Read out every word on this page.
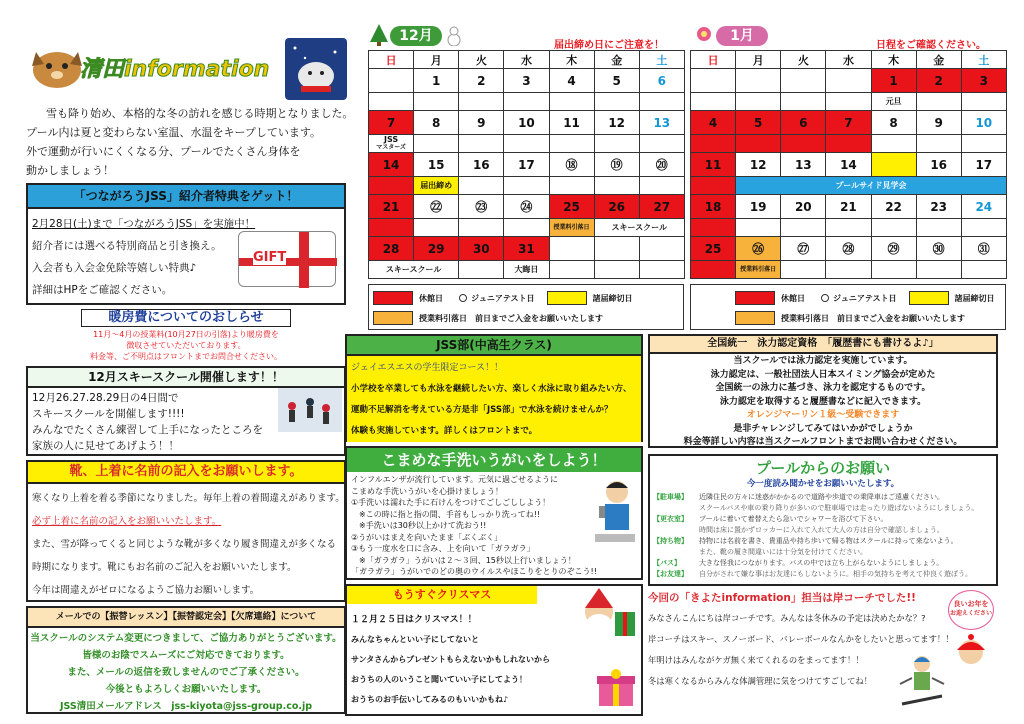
清田information
雪も降り始め、本格的な冬の訪れを感じる時期となりました。
プール内は夏と変わらない室温、水温をキープしています。
外で運動が行いにくくなる分、プールでたくさん身体を
動かしましょう！
「つながろうJSS」紹介者特典をゲット！
2月28日(土)まで「つながろうJSS」を実施中！
紹介者には選べる特別商品と引き換え。
入会者も入会金免除等嬉しい特典♪
詳細はHPをご確認ください。
GIFT
暖房費についてのおしらせ
11月～4月の授業料(10月27日の引落)より暖房費を
徴収させていただいております。
料金等、ご不明点はフロントまでお問合せください。
12月スキースクール開催します！！
12月26.27.28.29日の4日間で
スキースクールを開催します!!!!
みんなでたくさん練習して上手になったところを
家族の人に見せてあげよう！！
靴、上着に名前の記入をお願いします。
寒くなり上着を着る季節になりました。毎年上着の着間違えがあります。
必ず上着に名前の記入をお願いいたします。
また、雪が降ってくると同じような靴が多くなり履き間違えが多くなる
時期になります。靴にもお名前のご記入をお願いいたします。
今年は間違えがゼロになるようご協力お願いします。
メールでの【振替レッスン】【振替認定会】【欠席連絡】について
当スクールのシステム変更につきまして、ご協力ありがとうございます。
皆様のお陰でスムーズにご対応できております。
また、メールの返信を致しませんのでご了承ください。
今後ともよろしくお願いいたします。
JSS清田メールアドレス　jss-kiyota@jss-group.co.jp
12月
届出締め日にご注意を！
日	月	火	水	木	金	土
	1	2	3	4	5	6

7	8	9	10	11	12	13

JSS
マスターズ						

14	15	16	17	⑱	⑲	⑳
	届出締め					
21	㉒	㉓	㉔	25	26	27
				授業料引落日	スキースクール	
28	29	30	31			
スキースクール			大晦日			
休館日	ジュニアテスト日	諸届締切日
授業料引落日　前日までご入金をお願いいたします
1月
日程をご確認ください。
日	月	火	水	木	金	土
				1	2	3
				元旦		
4	5	6	7	8	9	10

11	12	13	14		16	17
	プールサイド見学会					
18	19	20	21	22	23	24

25	㉖	㉗	㉘	㉙	㉚	㉛
	授業料引落日					
休館日	ジュニアテスト日	諸届締切日
授業料引落日　前日までご入金をお願いいたします
JSS部(中高生クラス)
ジェイエスエスの学生限定コース！！
小学校を卒業しても水泳を継続したい方、楽しく水泳に取り組みたい方、
運動不足解消を考えている方是非「JSS部」で水泳を続けませんか？
体験も実施しています。詳しくはフロントまで。
こまめな手洗いうがいをしよう！
インフルエンザが流行しています。元気に過ごせるように
こまめな手洗いうがいを心掛けましょう！
①手洗いは濡れた手に石けんをつけてごしごししよう！
　※この時に指と指の間、手首もしっかり洗ってね!!
　※手洗いは30秒以上かけて洗おう!!
②うがいはまえを向いたまま「ぶくぶく」
③もう一度水を口に含み、上を向いて「ガラガラ」
　※「ガラガラ」うがいは２～３回、15秒以上行いましょう！
「ガラガラ」うがいでのどの奥のウイルスやほこりをとりのぞこう!!
もうすぐクリスマス
１２月２５日はクリスマス！！
みんなちゃんといい子にしてないと
サンタさんからプレゼントもらえないかもしれないから
おうちの人のいうこと聞いていい子にしてよう！
おうちのお手伝いしてみるのもいいかもね♪
全国統一　泳力認定資格　「履歴書にも書けるよ♪」
当スクールでは泳力認定を実施しています。
泳力認定は、一般社団法人日本スイミング協会が定めた
全国統一の泳力に基づき、泳力を認定するものです。
泳力認定を取得すると履歴書などに記入できます。
オレンジマーリン１級～受験できます
是非チャレンジしてみてはいかがでしょうか
料金等詳しい内容は当スクールフロントまでお問い合わせください。
プールからのお願い
今一度読み聞かせをお願いいたします。
【駐車場】	近隣住民の方々に迷惑がかかるので道路や歩道での乗降車はご遠慮ください。
スクールバスや車の乗り降りが多いので駐車場では走ったり遊ばないようにしましょう。
【更衣室】	プールに着いて着替えたら急いでシャワーを浴びて下さい。
時間は床に置かずロッカーに入れて入れて大人の方は自分で確認しましょう。
【持ち物】	持物には名前を書き、貴重品や持ち歩いて帰る物はスクールに持って来ないよう。
また、靴の履き間違いには十分気を付けてください。
【バス】	大きな怪我につながります。バスの中では立ち上がらないようにしましょう。
【お友達】	自分がされて嫌な事はお友達にもしないように。相手の気持ちを考えて仲良く遊ぼう。
今回の「きよたinformation」担当は岸コーチでした!!
みなさんこんにちは岸コーチです。みんなは冬休みの予定は決めたかな？?
岸コーチはスキー、スノーボード、バレーボールなんかをしたいと思ってます！！
年明けはみんながケガ無く来てくれるのをまってます！！
冬は寒くなるからみんな体調管理に気をつけてすごしてね！
良いお年を
お迎えください
